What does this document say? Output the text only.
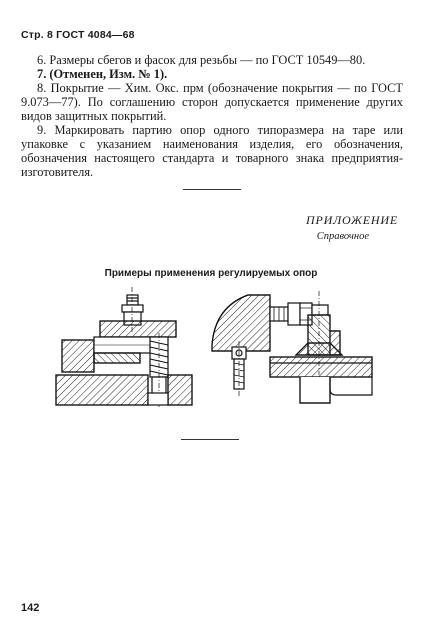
Стр. 8 ГОСТ 4084—68

6. Размеры сбегов и фасок для резьбы — по ГОСТ 10549—80.

7. (Отменен, Изм. № 1).

8. Покрытие — Хим. Окс. прм (обозначение покрытия — по ГОСТ 9.073—77). По соглашению сторон допускается применение других видов защитных покрытий.

9. Маркировать партию опор одного типоразмера на таре или упаковке с указанием наименования изделия, его обозначения, обозначения настоящего стандарта и товарного знака предприятия-изготовителя.

ПРИЛОЖЕНИЕ
Справочное
Примеры применения регулируемых опор
142
